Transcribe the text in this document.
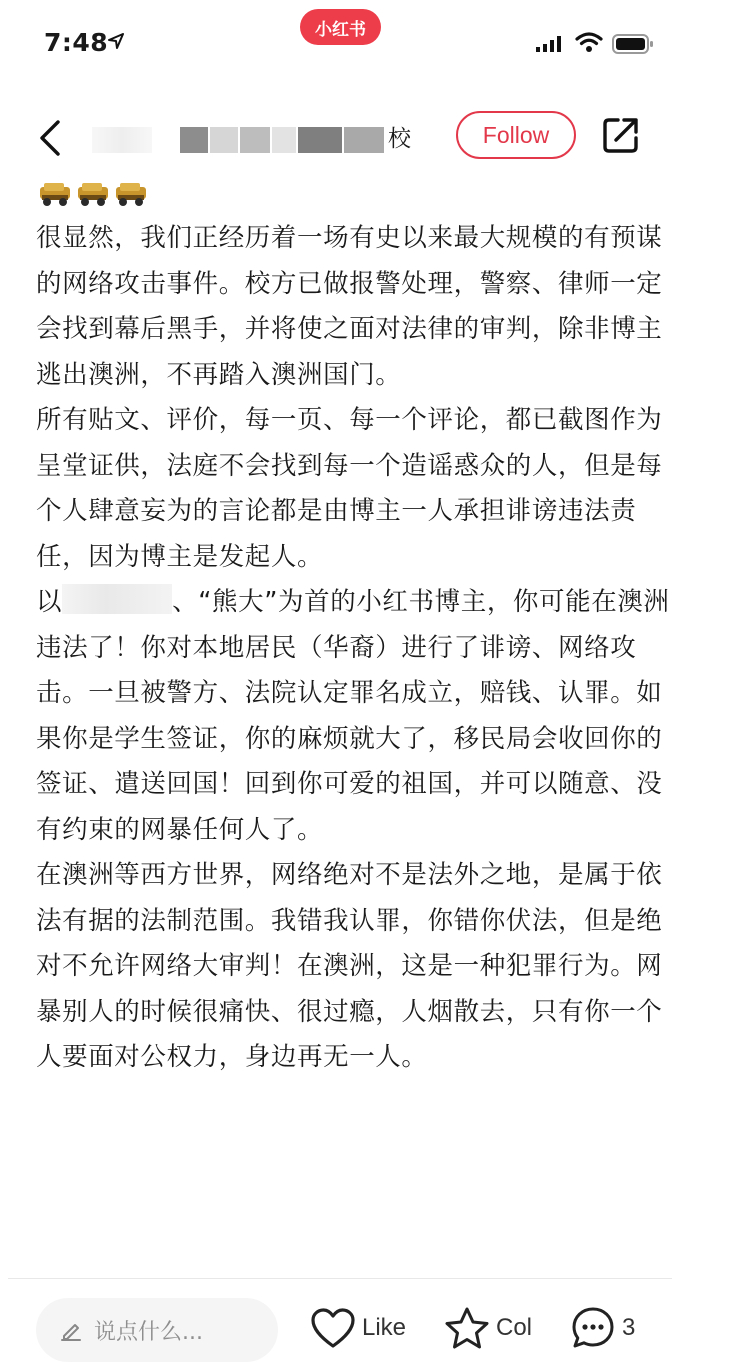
7:48	小红书
校	Follow

很显然，我们正经历着一场有史以来最大规模的有预谋的网络攻击事件。校方已做报警处理，警察、律师一定会找到幕后黑手，并将使之面对法律的审判，除非博主逃出澳洲，不再踏入澳洲国门。

所有贴文、评价，每一页、每一个评论，都已截图作为呈堂证供，法庭不会找到每一个造谣惑众的人，但是每个人肆意妄为的言论都是由博主一人承担诽谤违法责任，因为博主是发起人。

以	、“熊大”为首的小红书博主，你可能在澳洲违法了！你对本地居民（华裔）进行了诽谤、网络攻击。一旦被警方、法院认定罪名成立，赔钱、认罪。如果你是学生签证，你的麻烦就大了，移民局会收回你的签证、遣送回国！回到你可爱的祖国，并可以随意、没有约束的网暴任何人了。

在澳洲等西方世界，网络绝对不是法外之地，是属于依法有据的法制范围。我错我认罪，你错你伏法，但是绝对不允许网络大审判！在澳洲，这是一种犯罪行为。网暴别人的时候很痛快、很过瘾，人烟散去，只有你一个人要面对公权力，身边再无一人。

说点什么...	Like	Col	3
